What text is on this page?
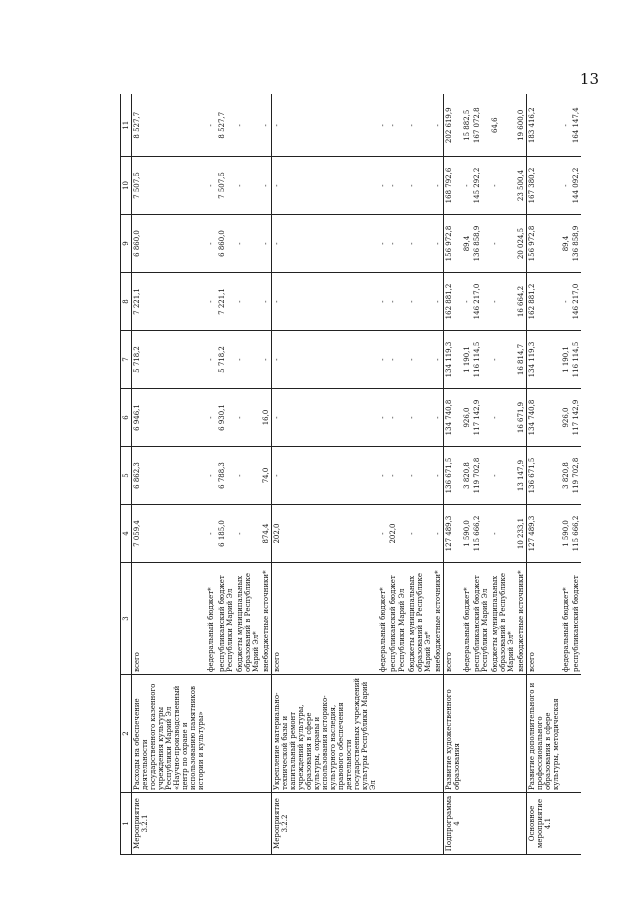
13
1	2	3	4	5	6	7	8	9	10	11
Мероприятие 3.2.1	Расходы на обеспечение деятельности государственного казенного учреждения культуры Республики Марий Эл «Научно-производственный центр по охране и использованию памятников истории и культуры»	всего	7 059,4	6 862,3	6 946,1	5 718,2	7 221,1	6 860,0	7 507,5	8 527,7
		федеральный бюджет*	-	-	-	-	-	-	-	-
		республиканский бюджет Республики Марий Эл	6 185,0	6 788,3	6 930,1	5 718,2	7 221,1	6 860,0	7 507,5	8 527,7
		бюджеты муниципальных образований в Республике Марий Эл*	-	-	-	-	-	-	-	-
		внебюджетные источники*	874,4	74,0	16,0	-	-	-	-	-
Мероприятие 3.2.2	Укрепление материально-технической базы и капитальный ремонт учреждений культуры, образования в сфере культуры, охраны и использования историко-культурного наследия, правового обеспечения деятельности государственных учреждений культуры Республики Марий Эл	всего	202,0	-	-	-	-	-	-	-
		федеральный бюджет*	-	-	-	-	-	-	-	-
		республиканский бюджет Республики Марий Эл	202,0	-	-	-	-	-	-	-
		бюджеты муниципальных образований в Республике Марий Эл*	-	-	-	-	-	-	-	-
		внебюджетные источники*	-	-	-	-	-	-	-	-
Подпрограмма 4	Развитие художественного образования	всего	127 489,3	136 671,5	134 740,8	134 119,3	162 881,2	156 972,8	168 792,6	202 619,9
		федеральный бюджет*	1 590,0	3 820,8	926,0	1 190,1	-	89,4	-	15 882,5
		республиканский бюджет Республики Марий Эл	115 666,2	119 702,8	117 142,9	116 114,5	146 217,0	136 858,9	145 292,2	167 072,8
		бюджеты муниципальных образований в Республике Марий Эл*	-	-	-	-	-	-	-	64,6
		внебюджетные источники*	10 233,1	13 147,9	16 671,9	16 814,7	16 664,2	20 024,5	23 500,4	19 600,0
Основное мероприятие 4.1	Развитие дополнительного и профессионального образования в сфере культуры, методическая	всего	127 489,3	136 671,5	134 740,8	134 119,3	162 881,2	156 972,8	167 380,2	183 416,2
		федеральный бюджет*	1 590,0	3 820,8	926,0	1 190,1	-	89,4	-	-
		республиканский бюджет	115 666,2	119 702,8	117 142,9	116 114,5	146 217,0	136 858,9	144 092,2	164 147,4
